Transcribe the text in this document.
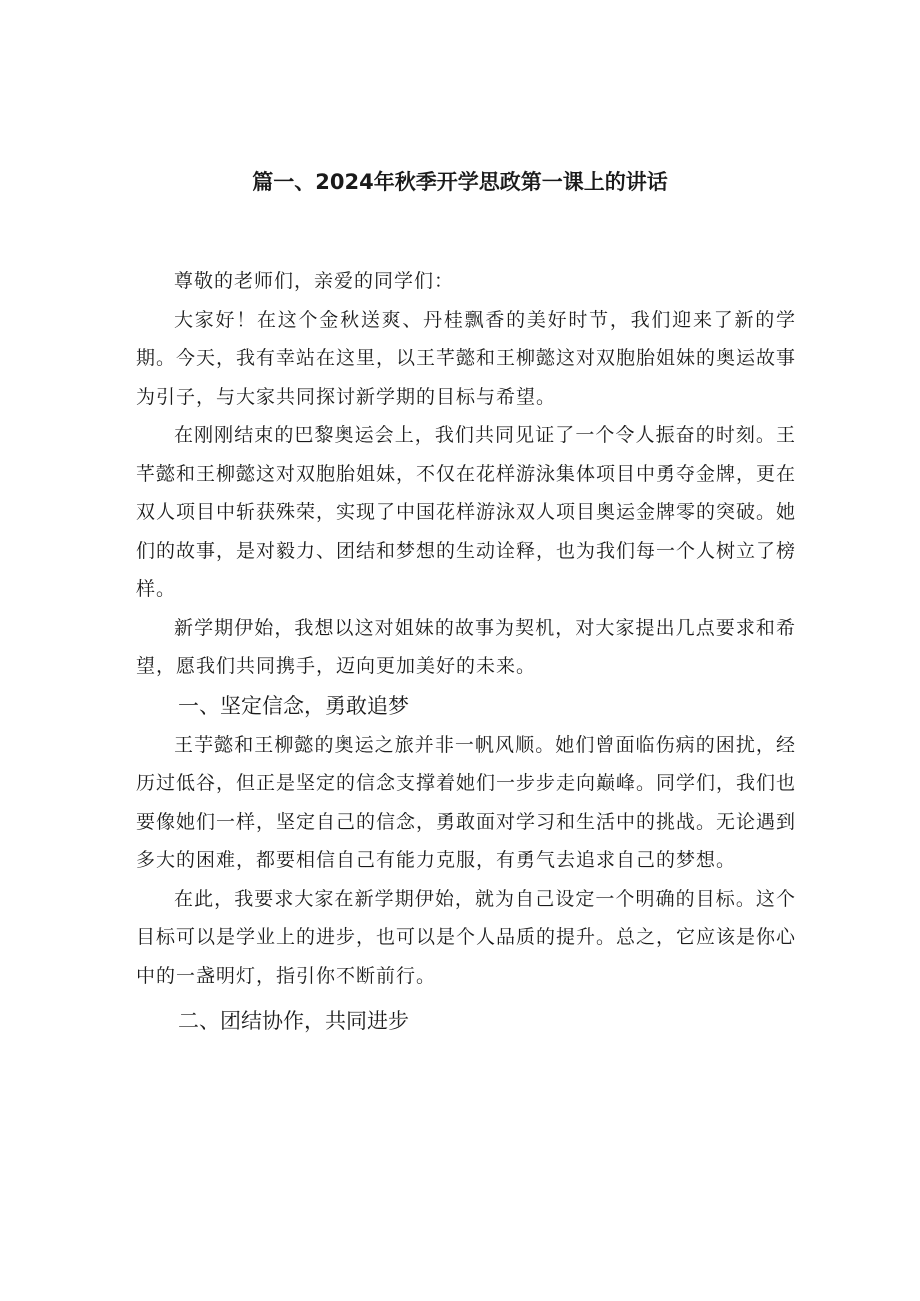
篇一、2024年秋季开学思政第一课上的讲话

尊敬的老师们，亲爱的同学们：

大家好！在这个金秋送爽、丹桂飘香的美好时节，我们迎来了新的学期。今天，我有幸站在这里，以王芊懿和王柳懿这对双胞胎姐妹的奥运故事为引子，与大家共同探讨新学期的目标与希望。

在刚刚结束的巴黎奥运会上，我们共同见证了一个令人振奋的时刻。王芊懿和王柳懿这对双胞胎姐妹，不仅在花样游泳集体项目中勇夺金牌，更在双人项目中斩获殊荣，实现了中国花样游泳双人项目奥运金牌零的突破。她们的故事，是对毅力、团结和梦想的生动诠释，也为我们每一个人树立了榜样。

新学期伊始，我想以这对姐妹的故事为契机，对大家提出几点要求和希望，愿我们共同携手，迈向更加美好的未来。

一、坚定信念，勇敢追梦

王芋懿和王柳懿的奥运之旅并非一帆风顺。她们曾面临伤病的困扰，经历过低谷，但正是坚定的信念支撑着她们一步步走向巅峰。同学们，我们也要像她们一样，坚定自己的信念，勇敢面对学习和生活中的挑战。无论遇到多大的困难，都要相信自己有能力克服，有勇气去追求自己的梦想。

在此，我要求大家在新学期伊始，就为自己设定一个明确的目标。这个目标可以是学业上的进步，也可以是个人品质的提升。总之，它应该是你心中的一盏明灯，指引你不断前行。

二、团结协作，共同进步
